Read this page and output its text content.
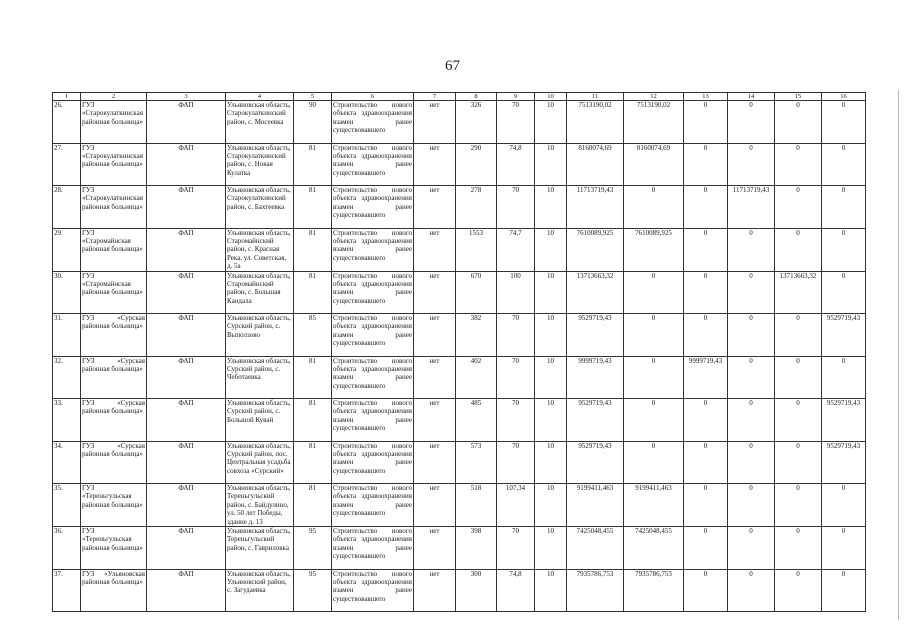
67
1	2	3	4	5	6	7	8	9	10	11	12	13	14	15	16
26.	ГУЗ «Старокулаткинская районная больница»	ФАП	Ульяновская область, Старокулаткинский район, с. Мосеевка	90	Строительство нового объекта здравоохранения взамен ранее существовавшего	нет	326	70	10	7513190,02	7513190,02	0	0	0	0
27.	ГУЗ «Старокулаткинская районная больница»	ФАП	Ульяновская область, Старокулаткинский район, с. Новая Кулатка	81	Строительство нового объекта здравоохранения взамен ранее существовавшего	нет	290	74,8	10	8160074,69	8160074,69	0	0	0	0
28.	ГУЗ «Старокулаткинская районная больница»	ФАП	Ульяновская область, Старокулаткинский район, с. Бахтеевка	81	Строительство нового объекта здравоохранения взамен ранее существовавшего	нет	278	70	10	11713719,43	0	0	11713719,43	0	0
29.	ГУЗ «Старомайнская районная больница»	ФАП	Ульяновская область, Старомайнский район, с. Красная Река, ул. Советская, д. 5а	81	Строительство нового объекта здравоохранения взамен ранее существовавшего	нет	1553	74,7	10	7610089,925	7610089,925	0	0	0	0
30.	ГУЗ «Старомайнская районная больница»	ФАП	Ульяновская область, Старомайнский район, с. Большая Кандала	81	Строительство нового объекта здравоохранения взамен ранее существовавшего	нет	670	100	10	13713663,32	0	0	0	13713663,32	0
31.	ГУЗ «Сурская районная больница»	ФАП	Ульяновская область, Сурский район, с. Выползово	85	Строительство нового объекта здравоохранения взамен ранее существовавшего	нет	382	70	10	9529719,43	0	0	0	0	9529719,43
32.	ГУЗ «Сурская районная больница»	ФАП	Ульяновская область, Сурский район, с. Чеботаевка	81	Строительство нового объекта здравоохранения взамен ранее существовавшего	нет	402	70	10	9999719,43	0	9999719,43	0	0	0
33.	ГУЗ «Сурская районная больница»	ФАП	Ульяновская область, Сурский район, с. Большой Кувай	81	Строительство нового объекта здравоохранения взамен ранее существовавшего	нет	485	70	10	9529719,43	0	0	0	0	9529719,43
34.	ГУЗ «Сурская районная больница»	ФАП	Ульяновская область, Сурский район, пос. Центральная усадьба совхоза «Сурский»	81	Строительство нового объекта здравоохранения взамен ранее существовавшего	нет	573	70	10	9529719,43	0	0	0	0	9529719,43
35.	ГУЗ «Тереньгульская районная больница»	ФАП	Ульяновская область, Тереньгульский район, с. Байдулино, ул. 50 лет Победы, здание д. 13	81	Строительство нового объекта здравоохранения взамен ранее существовавшего	нет	518	107,34	10	9199411,463	9199411,463	0	0	0	0
36.	ГУЗ «Тереньгульская районная больница»	ФАП	Ульяновская область, Тереньгульский район, с. Гавриловка	95	Строительство нового объекта здравоохранения взамен ранее существовавшего	нет	398	70	10	7425048,455	7425048,455	0	0	0	0
37.	ГУЗ «Ульяновская районная больница»	ФАП	Ульяновская область, Ульяновский район, с. Загудаевка	95	Строительство нового объекта здравоохранения взамен ранее существовавшего	нет	300	74,8	10	7935786,753	7935786,753	0	0	0	0
